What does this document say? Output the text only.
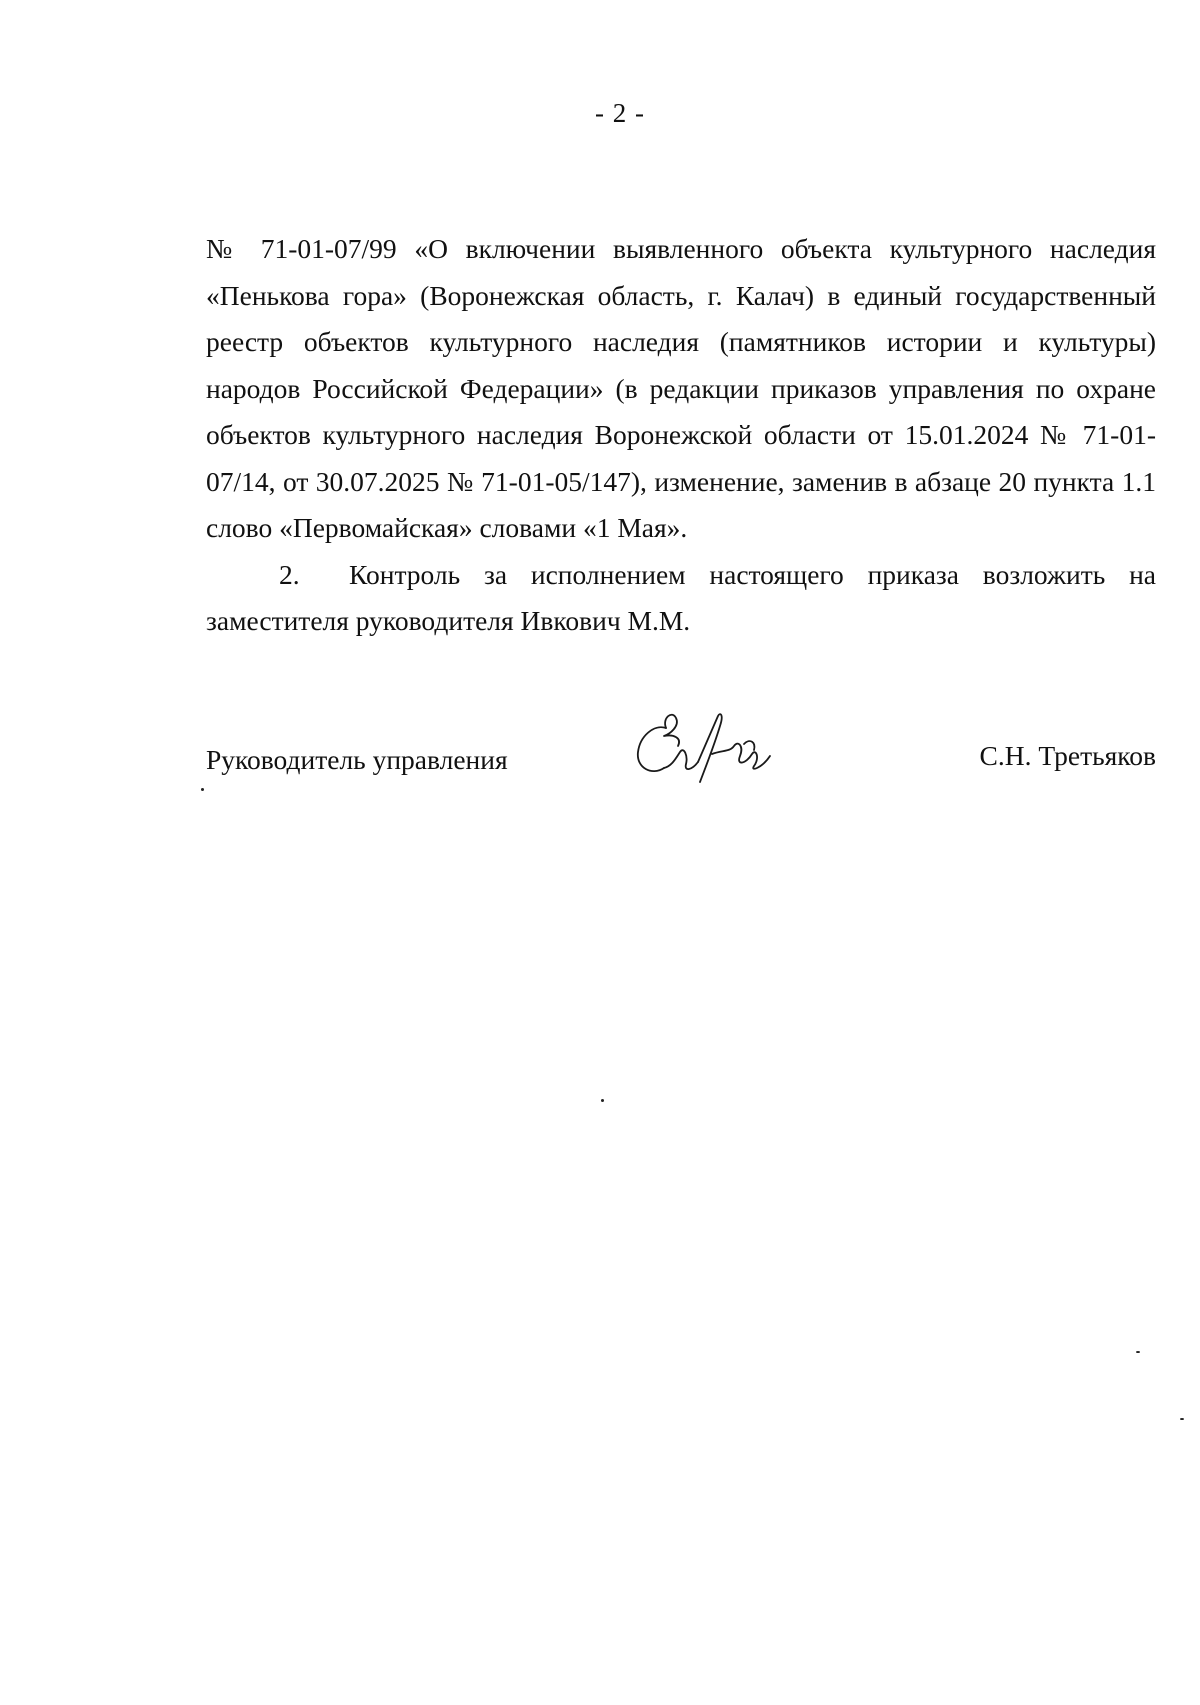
- 2 -

№ 71-01-07/99 «О включении выявленного объекта культурного наследия «Пенькова гора» (Воронежская область, г. Калач) в единый государственный реестр объектов культурного наследия (памятников истории и культуры) народов Российской Федерации» (в редакции приказов управления по охране объектов культурного наследия Воронежской области от 15.01.2024 № 71-01-07/14, от 30.07.2025 № 71-01-05/147), изменение, заменив в абзаце 20 пункта 1.1 слово «Первомайская» словами «1 Мая».

2. Контроль за исполнением настоящего приказа возложить на заместителя руководителя Ивкович М.М.

Руководитель управления	С.Н. Третьяков
